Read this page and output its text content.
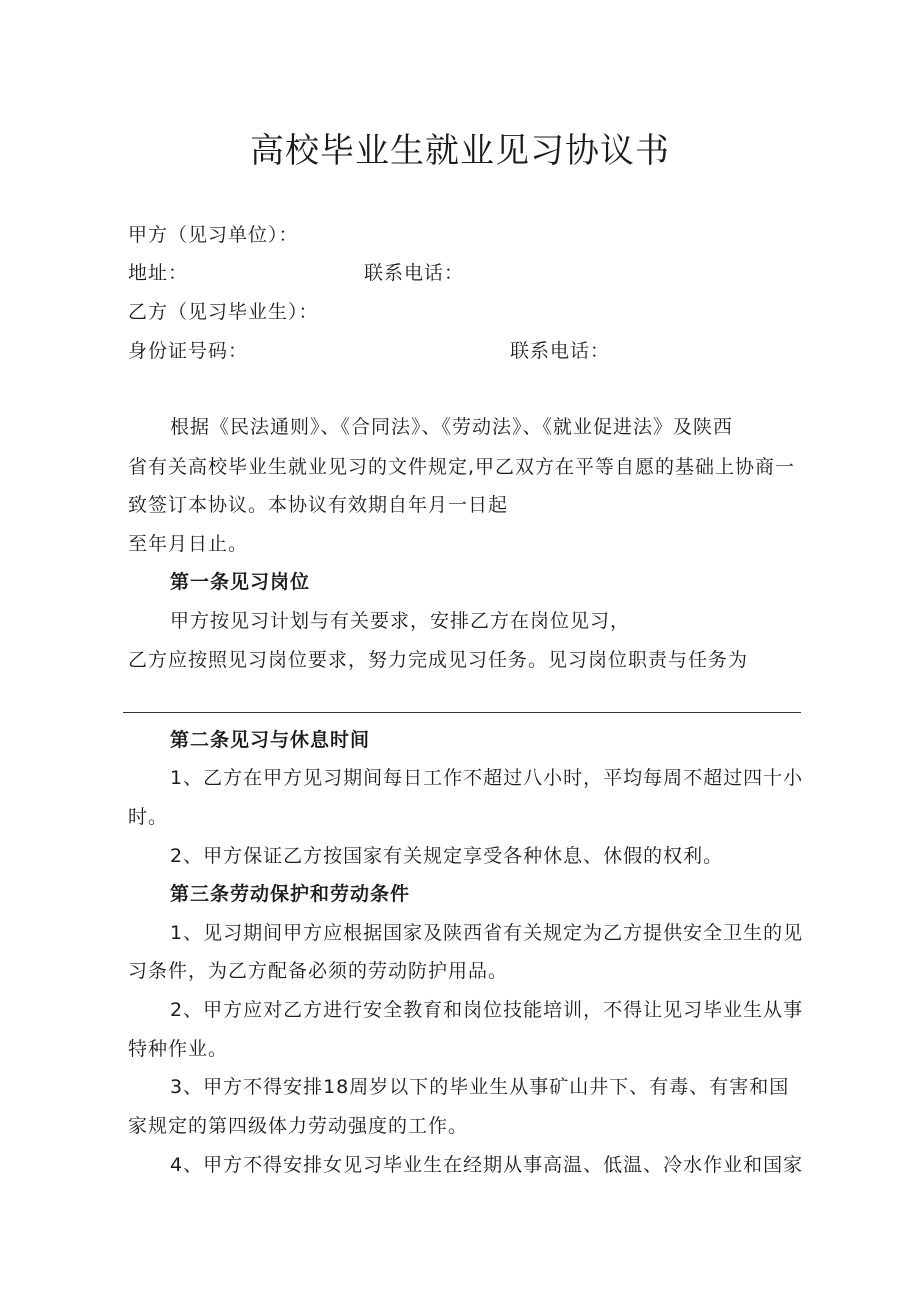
高校毕业生就业见习协议书
甲方（见习单位）：
地址：	联系电话：
乙方（见习毕业生）：
身份证号码：	联系电话：
根据《民法通则》、《合同法》、《劳动法》、《就业促进法》及陕西
省有关高校毕业生就业见习的文件规定,甲乙双方在平等自愿的基础上协商一
致签订本协议。本协议有效期自年月一日起
至年月日止。
第一条见习岗位
甲方按见习计划与有关要求，安排乙方在岗位见习，
乙方应按照见习岗位要求，努力完成见习任务。见习岗位职责与任务为
第二条见习与休息时间
1、乙方在甲方见习期间每日工作不超过八小时，平均每周不超过四十小
时。
2、甲方保证乙方按国家有关规定享受各种休息、休假的权利。
第三条劳动保护和劳动条件
1、见习期间甲方应根据国家及陕西省有关规定为乙方提供安全卫生的见
习条件，为乙方配备必须的劳动防护用品。
2、甲方应对乙方进行安全教育和岗位技能培训，不得让见习毕业生从事
特种作业。
3、甲方不得安排18周岁以下的毕业生从事矿山井下、有毒、有害和国
家规定的第四级体力劳动强度的工作。
4、甲方不得安排女见习毕业生在经期从事高温、低温、冷水作业和国家
